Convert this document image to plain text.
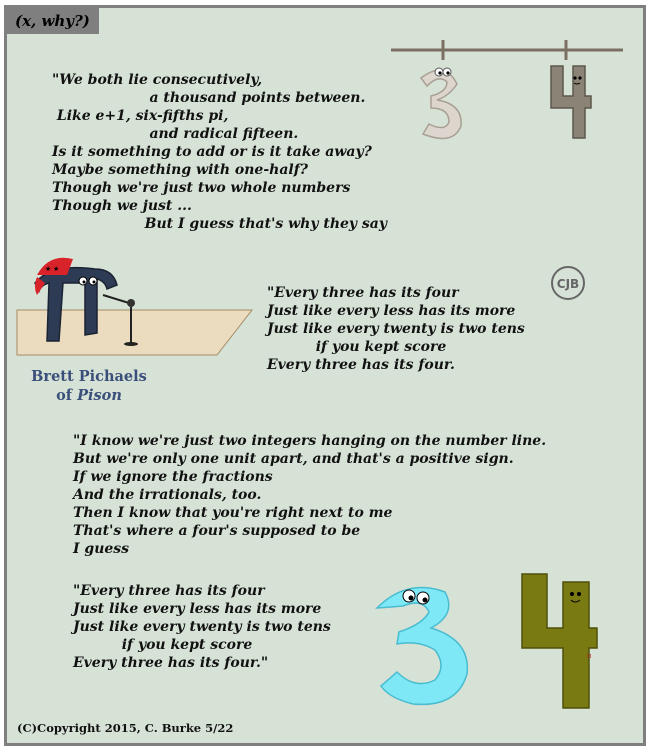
(x, why?)
"We both lie consecutively,
a thousand points between.
Like e+1, six-fifths pi,
and radical fifteen.
Is it something to add or is it take away?
Maybe something with one-half?
Though we're just two whole numbers
Though we just ...
But I guess that's why they say
★ ★
Brett Pichaels
of Pison
CJB
"Every three has its four
Just like every less has its more
Just like every twenty is two tens
if you kept score
Every three has its four.
"I know we're just two integers hanging on the number line.
But we're only one unit apart, and that's a positive sign.
If we ignore the fractions
And the irrationals, too.
Then I know that you're right next to me
That's where a four's supposed to be
I guess
"Every three has its four
Just like every less has its more
Just like every twenty is two tens
if you kept score
Every three has its four."	H
(C)Copyright 2015, C. Burke 5/22
